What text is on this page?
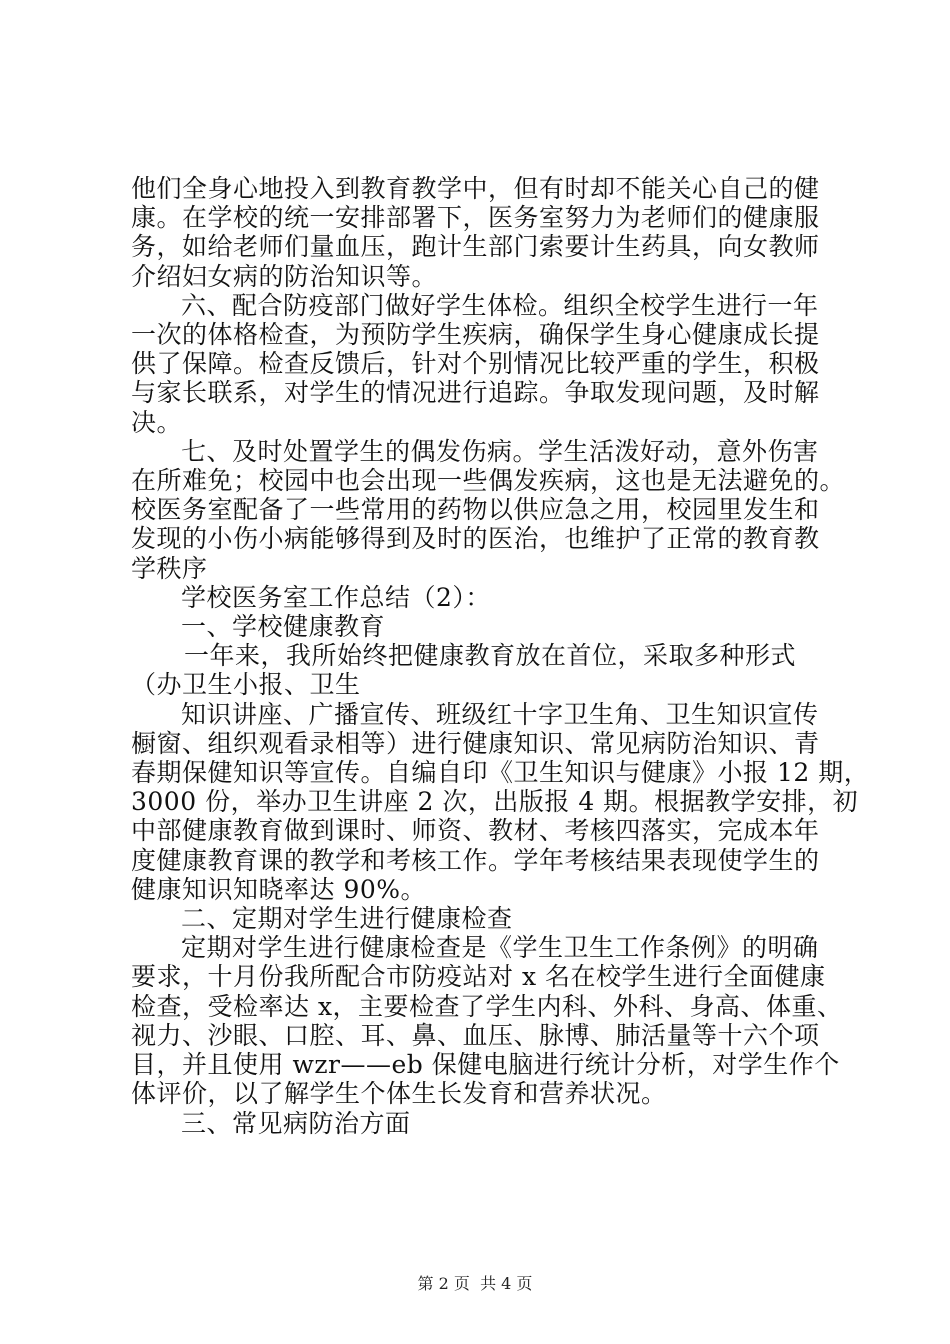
他们全身心地投入到教育教学中，但有时却不能关心自己的健
康。在学校的统一安排部署下，医务室努力为老师们的健康服
务，如给老师们量血压，跑计生部门索要计生药具，向女教师
介绍妇女病的防治知识等。
六、配合防疫部门做好学生体检。组织全校学生进行一年
一次的体格检查，为预防学生疾病，确保学生身心健康成长提
供了保障。检查反馈后，针对个别情况比较严重的学生，积极
与家长联系，对学生的情况进行追踪。争取发现问题，及时解
决。
七、及时处置学生的偶发伤病。学生活泼好动，意外伤害
在所难免；校园中也会出现一些偶发疾病，这也是无法避免的。
校医务室配备了一些常用的药物以供应急之用，校园里发生和
发现的小伤小病能够得到及时的医治，也维护了正常的教育教
学秩序
学校医务室工作总结（2）：
一、学校健康教育
一年来，我所始终把健康教育放在首位，采取多种形式
（办卫生小报、卫生
知识讲座、广播宣传、班级红十字卫生角、卫生知识宣传
橱窗、组织观看录相等）进行健康知识、常见病防治知识、青
春期保健知识等宣传。自编自印《卫生知识与健康》小报 12 期，
3000 份，举办卫生讲座 2 次，出版报 4 期。根据教学安排，初
中部健康教育做到课时、师资、教材、考核四落实，完成本年
度健康教育课的教学和考核工作。学年考核结果表现使学生的
健康知识知晓率达 90%。
二、定期对学生进行健康检查
定期对学生进行健康检查是《学生卫生工作条例》的明确
要求，十月份我所配合市防疫站对 x 名在校学生进行全面健康
检查，受检率达 x，主要检查了学生内科、外科、身高、体重、
视力、沙眼、口腔、耳、鼻、血压、脉博、肺活量等十六个项
目，并且使用 wzr——eb 保健电脑进行统计分析，对学生作个
体评价，以了解学生个体生长发育和营养状况。
三、常见病防治方面
第 2 页  共 4 页
